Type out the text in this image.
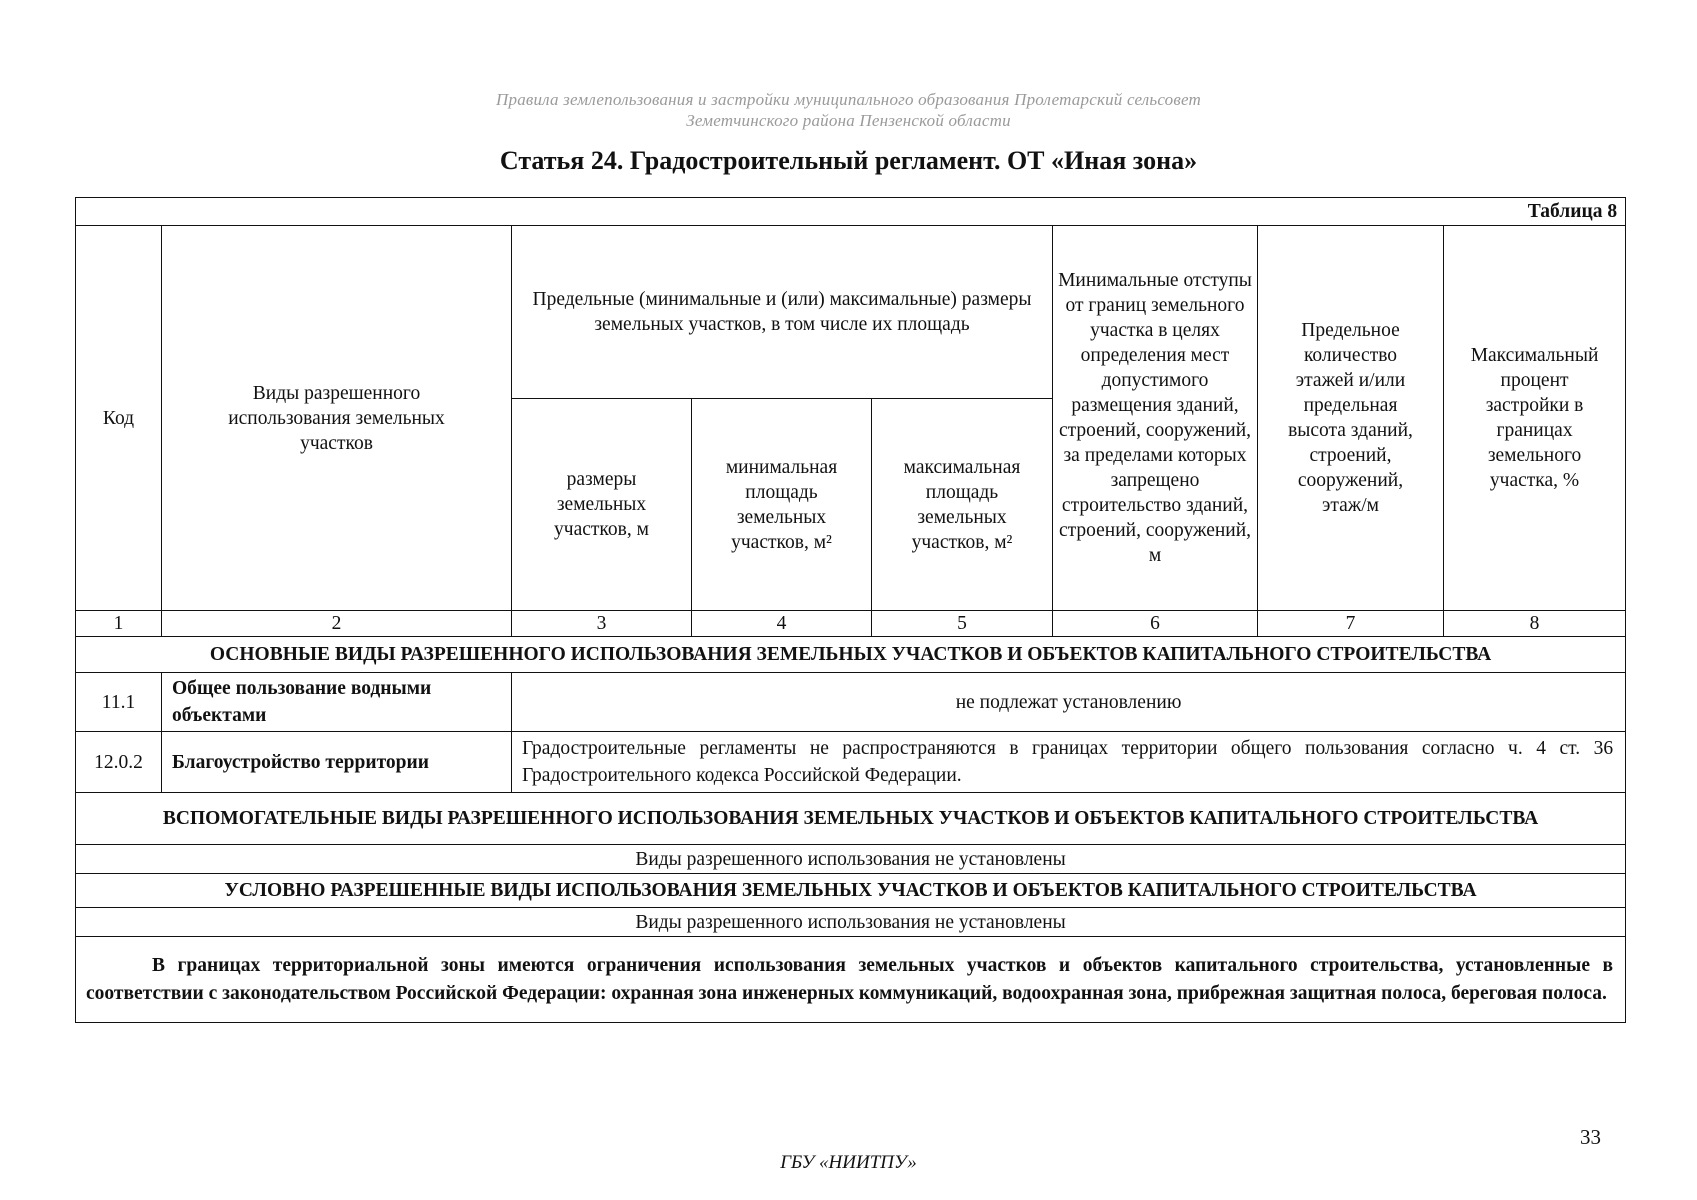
Правила землепользования и застройки муниципального образования Пролетарский сельсовет
Земетчинского района Пензенской области
Статья 24. Градостроительный регламент. ОТ «Иная зона»
Таблица 8							
Код	Виды разрешенного использования земельных участков	Предельные (минимальные и (или) максимальные) размеры земельных участков, в том числе их площадь			Минимальные отступы от границ земельного участка в целях определения мест допустимого размещения зданий, строений, сооружений, за пределами которых запрещено строительство зданий, строений, сооружений, м	Предельное количество этажей и/или предельная высота зданий, строений, сооружений, этаж/м	Максимальный процент застройки в границах земельного участка, %
		размеры земельных участков, м	минимальная площадь земельных участков, м²	максимальная площадь земельных участков, м²			
1	2	3	4	5	6	7	8
ОСНОВНЫЕ ВИДЫ РАЗРЕШЕННОГО ИСПОЛЬЗОВАНИЯ ЗЕМЕЛЬНЫХ УЧАСТКОВ И ОБЪЕКТОВ КАПИТАЛЬНОГО СТРОИТЕЛЬСТВА							
11.1	Общее пользование водными объектами	не подлежат установлению					
12.0.2	Благоустройство территории	Градостроительные регламенты не распространяются в границах территории общего пользования согласно ч. 4 ст. 36 Градостроительного кодекса Российской Федерации.					
ВСПОМОГАТЕЛЬНЫЕ ВИДЫ РАЗРЕШЕННОГО ИСПОЛЬЗОВАНИЯ ЗЕМЕЛЬНЫХ УЧАСТКОВ И ОБЪЕКТОВ КАПИТАЛЬНОГО СТРОИТЕЛЬСТВА							
Виды разрешенного использования не установлены							
УСЛОВНО РАЗРЕШЕННЫЕ ВИДЫ ИСПОЛЬЗОВАНИЯ ЗЕМЕЛЬНЫХ УЧАСТКОВ И ОБЪЕКТОВ КАПИТАЛЬНОГО СТРОИТЕЛЬСТВА							
Виды разрешенного использования не установлены							
В границах территориальной зоны имеются ограничения использования земельных участков и объектов капитального строительства, установленные в соответствии с законодательством Российской Федерации: охранная зона инженерных коммуникаций, водоохранная зона, прибрежная защитная полоса, береговая полоса.							
33
ГБУ «НИИТПУ»
